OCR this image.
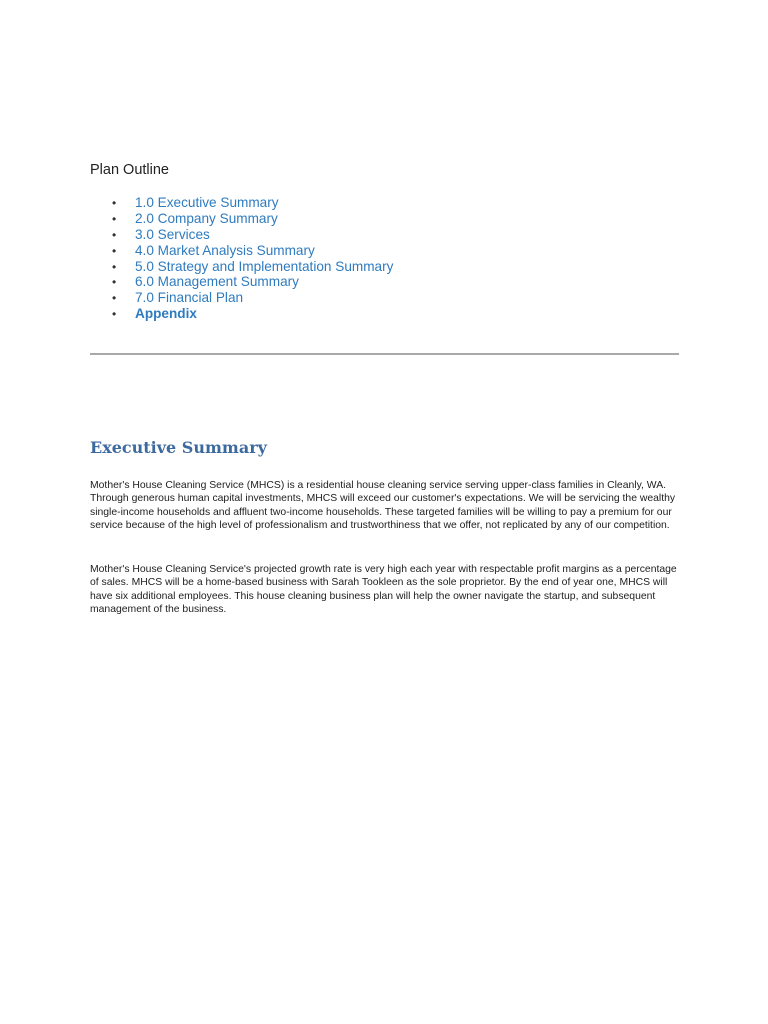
Plan Outline
• 1.0 Executive Summary
• 2.0 Company Summary
• 3.0 Services
• 4.0 Market Analysis Summary
• 5.0 Strategy and Implementation Summary
• 6.0 Management Summary
• 7.0 Financial Plan
• Appendix
Executive Summary

Mother's House Cleaning Service (MHCS) is a residential house cleaning service serving upper-class families in Cleanly, WA. Through generous human capital investments, MHCS will exceed our customer's expectations. We will be servicing the wealthy single-income households and affluent two-income households. These targeted families will be willing to pay a premium for our service because of the high level of professionalism and trustworthiness that we offer, not replicated by any of our competition.

Mother's House Cleaning Service's projected growth rate is very high each year with respectable profit margins as a percentage of sales. MHCS will be a home-based business with Sarah Tookleen as the sole proprietor. By the end of year one, MHCS will have six additional employees. This house cleaning business plan will help the owner navigate the startup, and subsequent management of the business.
